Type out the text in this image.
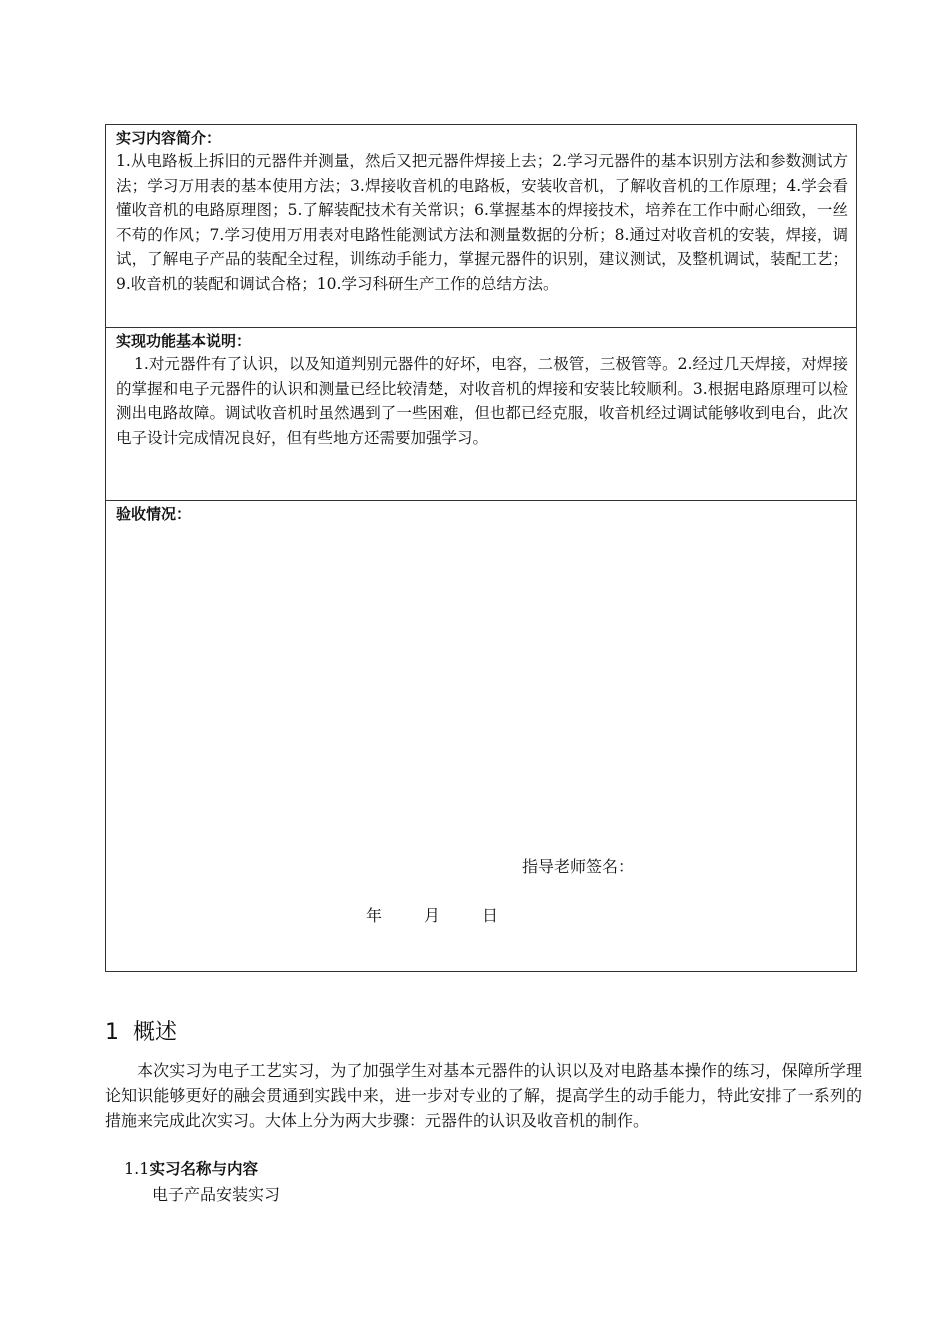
实习内容简介：
1.从电路板上拆旧的元器件并测量，然后又把元器件焊接上去；2.学习元器件的基本识别方法和参数测试方法；学习万用表的基本使用方法；3.焊接收音机的电路板，安装收音机，了解收音机的工作原理；4.学会看懂收音机的电路原理图；5.了解装配技术有关常识；6.掌握基本的焊接技术，培养在工作中耐心细致，一丝不苟的作风；7.学习使用万用表对电路性能测试方法和测量数据的分析；8.通过对收音机的安装，焊接，调试，了解电子产品的装配全过程，训练动手能力，掌握元器件的识别，建议测试，及整机调试，装配工艺；9.收音机的装配和调试合格；10.学习科研生产工作的总结方法。
实现功能基本说明：
1.对元器件有了认识，以及知道判别元器件的好坏，电容，二极管，三极管等。2.经过几天焊接，对焊接的掌握和电子元器件的认识和测量已经比较清楚，对收音机的焊接和安装比较顺利。3.根据电路原理可以检测出电路故障。调试收音机时虽然遇到了一些困难，但也都已经克服，收音机经过调试能够收到电台，此次电子设计完成情况良好，但有些地方还需要加强学习。
验收情况：
指导老师签名：
年	月	日
1 概述

本次实习为电子工艺实习，为了加强学生对基本元器件的认识以及对电路基本操作的练习，保障所学理论知识能够更好的融会贯通到实践中来，进一步对专业的了解，提高学生的动手能力，特此安排了一系列的措施来完成此次实习。大体上分为两大步骤：元器件的认识及收音机的制作。

1.1实习名称与内容
电子产品安装实习
